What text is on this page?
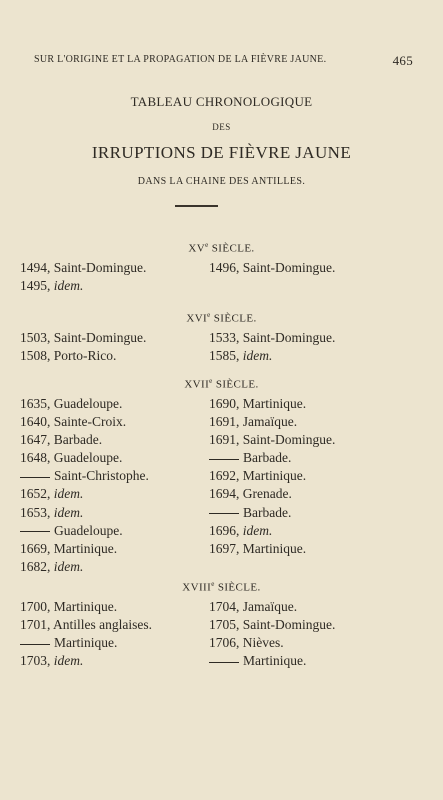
SUR L'ORIGINE ET LA PROPAGATION DE LA FIÈVRE JAUNE.	465
TABLEAU CHRONOLOGIQUE
DES
IRRUPTIONS DE FIÈVRE JAUNE
DANS LA CHAINE DES ANTILLES.
XVe SIÈCLE.
1494, Saint-Domingue.
1495, idem.
1496, Saint-Domingue.
XVIe SIÈCLE.
1503, Saint-Domingue.
1508, Porto-Rico.
1533, Saint-Domingue.
1585, idem.
XVIIe SIÈCLE.
1635, Guadeloupe.
1640, Sainte-Croix.
1647, Barbade.
1648, Guadeloupe.
Saint-Christophe.
1652, idem.
1653, idem.
Guadeloupe.
1669, Martinique.
1682, idem.
1690, Martinique.
1691, Jamaïque.
1691, Saint-Domingue.
Barbade.
1692, Martinique.
1694, Grenade.
Barbade.
1696, idem.
1697, Martinique.
XVIIIe SIÈCLE.
1700, Martinique.
1701, Antilles anglaises.
Martinique.
1703, idem.
1704, Jamaïque.
1705, Saint-Domingue.
1706, Nièves.
Martinique.
